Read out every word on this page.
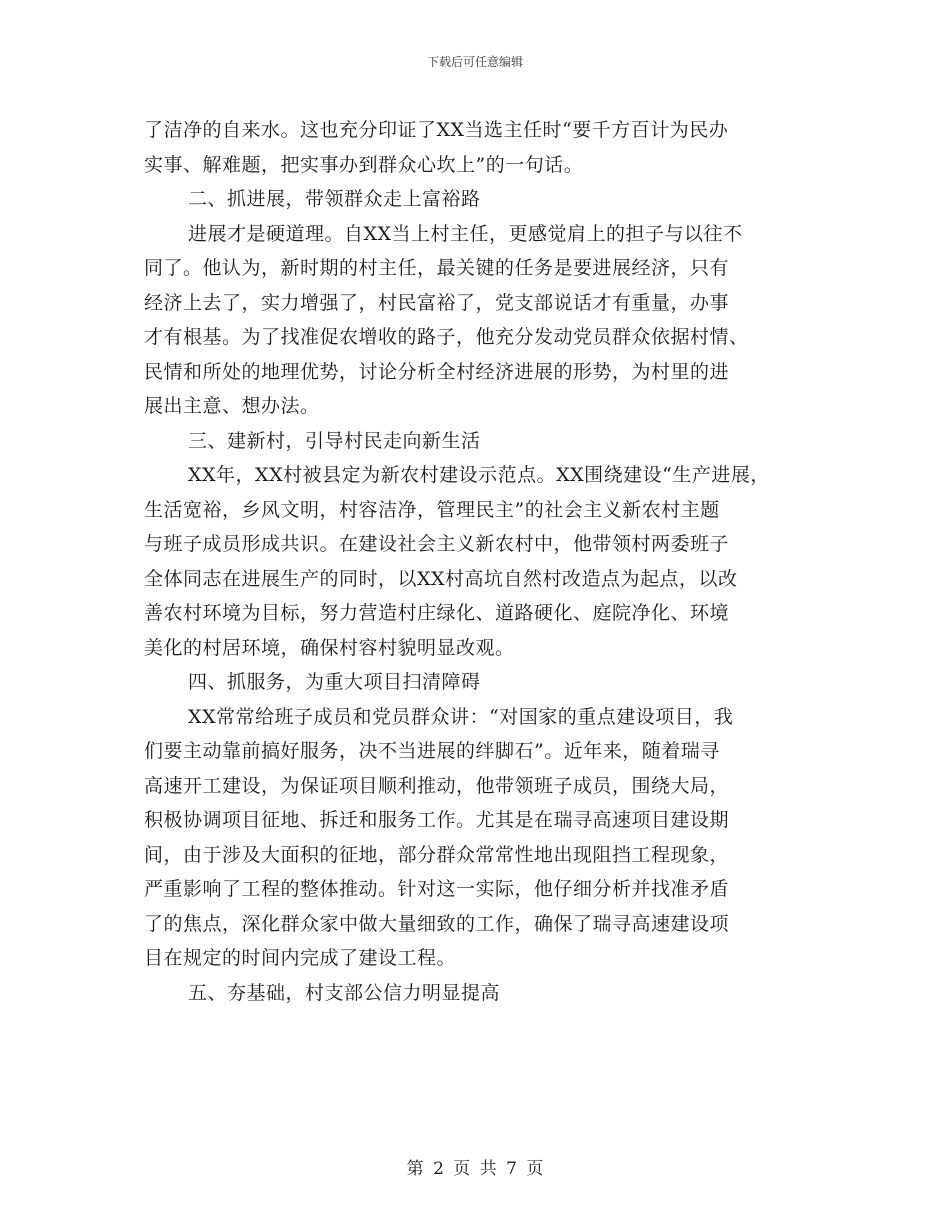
下载后可任意编辑
了洁净的自来水。这也充分印证了XX当选主任时“要千方百计为民办
实事、解难题，把实事办到群众心坎上”的一句话。
二、抓进展，带领群众走上富裕路
进展才是硬道理。自XX当上村主任，更感觉肩上的担子与以往不
同了。他认为，新时期的村主任，最关键的任务是要进展经济，只有
经济上去了，实力增强了，村民富裕了，党支部说话才有重量，办事
才有根基。为了找准促农增收的路子，他充分发动党员群众依据村情、
民情和所处的地理优势，讨论分析全村经济进展的形势，为村里的进
展出主意、想办法。
三、建新村，引导村民走向新生活
XX年，XX村被县定为新农村建设示范点。XX围绕建设“生产进展，
生活宽裕，乡风文明，村容洁净，管理民主”的社会主义新农村主题
与班子成员形成共识。在建设社会主义新农村中，他带领村两委班子
全体同志在进展生产的同时，以XX村高坑自然村改造点为起点，以改
善农村环境为目标，努力营造村庄绿化、道路硬化、庭院净化、环境
美化的村居环境，确保村容村貌明显改观。
四、抓服务，为重大项目扫清障碍
XX常常给班子成员和党员群众讲：“对国家的重点建设项目，我
们要主动靠前搞好服务，决不当进展的绊脚石”。近年来，随着瑞寻
高速开工建设，为保证项目顺利推动，他带领班子成员，围绕大局，
积极协调项目征地、拆迁和服务工作。尤其是在瑞寻高速项目建设期
间，由于涉及大面积的征地，部分群众常常性地出现阻挡工程现象，
严重影响了工程的整体推动。针对这一实际，他仔细分析并找准矛盾
了的焦点，深化群众家中做大量细致的工作，确保了瑞寻高速建设项
目在规定的时间内完成了建设工程。
五、夯基础，村支部公信力明显提高
第 2 页 共 7 页
